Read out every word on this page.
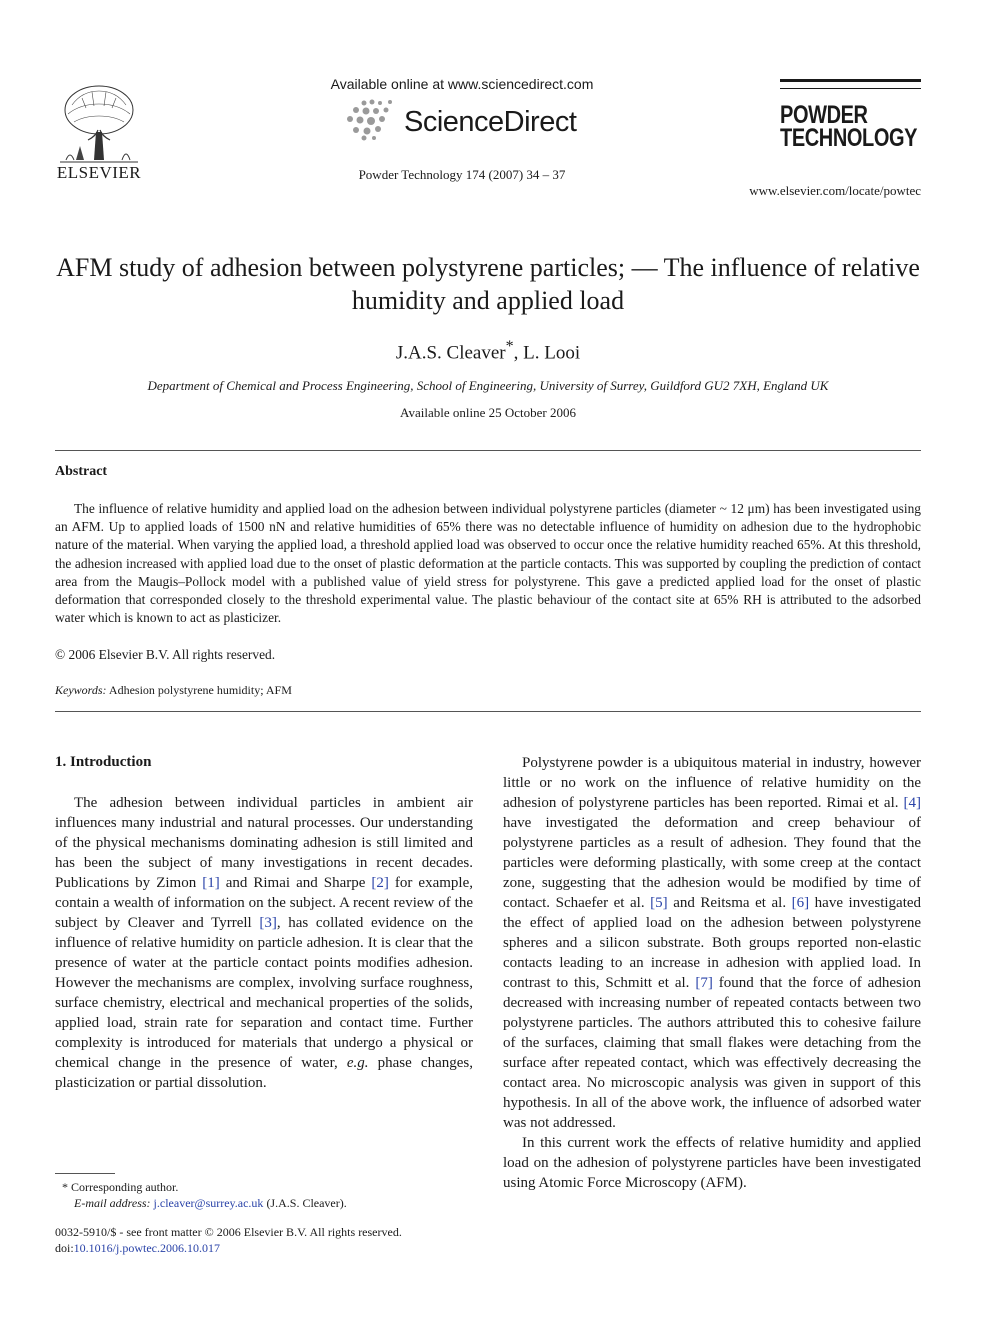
ELSEVIER
Available online at www.sciencedirect.com
ScienceDirect
Powder Technology 174 (2007) 34 – 37
POWDER
TECHNOLOGY
www.elsevier.com/locate/powtec
AFM study of adhesion between polystyrene particles; — The influence of relative humidity and applied load
J.A.S. Cleaver*, L. Looi
Department of Chemical and Process Engineering, School of Engineering, University of Surrey, Guildford GU2 7XH, England UK
Available online 25 October 2006
Abstract

The influence of relative humidity and applied load on the adhesion between individual polystyrene particles (diameter ~ 12 μm) has been investigated using an AFM. Up to applied loads of 1500 nN and relative humidities of 65% there was no detectable influence of humidity on adhesion due to the hydrophobic nature of the material. When varying the applied load, a threshold applied load was observed to occur once the relative humidity reached 65%. At this threshold, the adhesion increased with applied load due to the onset of plastic deformation at the particle contacts. This was supported by coupling the prediction of contact area from the Maugis–Pollock model with a published value of yield stress for polystyrene. This gave a predicted applied load for the onset of plastic deformation that corresponded closely to the threshold experimental value. The plastic behaviour of the contact site at 65% RH is attributed to the adsorbed water which is known to act as plasticizer.

© 2006 Elsevier B.V. All rights reserved.
Keywords: Adhesion polystyrene humidity; AFM
1. Introduction

The adhesion between individual particles in ambient air influences many industrial and natural processes. Our understanding of the physical mechanisms dominating adhesion is still limited and has been the subject of many investigations in recent decades. Publications by Zimon [1] and Rimai and Sharpe [2] for example, contain a wealth of information on the subject. A recent review of the subject by Cleaver and Tyrrell [3], has collated evidence on the influence of relative humidity on particle adhesion. It is clear that the presence of water at the particle contact points modifies adhesion. However the mechanisms are complex, involving surface roughness, surface chemistry, electrical and mechanical properties of the solids, applied load, strain rate for separation and contact time. Further complexity is introduced for materials that undergo a physical or chemical change in the presence of water, e.g. phase changes, plasticization or partial dissolution.

Polystyrene powder is a ubiquitous material in industry, however little or no work on the influence of relative humidity on the adhesion of polystyrene particles has been reported. Rimai et al. [4] have investigated the deformation and creep behaviour of polystyrene particles as a result of adhesion. They found that the particles were deforming plastically, with some creep at the contact zone, suggesting that the adhesion would be modified by time of contact. Schaefer et al. [5] and Reitsma et al. [6] have investigated the effect of applied load on the adhesion between polystyrene spheres and a silicon substrate. Both groups reported non-elastic contacts leading to an increase in adhesion with applied load. In contrast to this, Schmitt et al. [7] found that the force of adhesion decreased with increasing number of repeated contacts between two polystyrene particles. The authors attributed this to cohesive failure of the surfaces, claiming that small flakes were detaching from the surface after repeated contact, which was effectively decreasing the contact area. No microscopic analysis was given in support of this hypothesis. In all of the above work, the influence of adsorbed water was not addressed.

In this current work the effects of relative humidity and applied load on the adhesion of polystyrene particles have been investigated using Atomic Force Microscopy (AFM).

* Corresponding author.
E-mail address: j.cleaver@surrey.ac.uk (J.A.S. Cleaver).
0032-5910/$ - see front matter © 2006 Elsevier B.V. All rights reserved.
doi:10.1016/j.powtec.2006.10.017
